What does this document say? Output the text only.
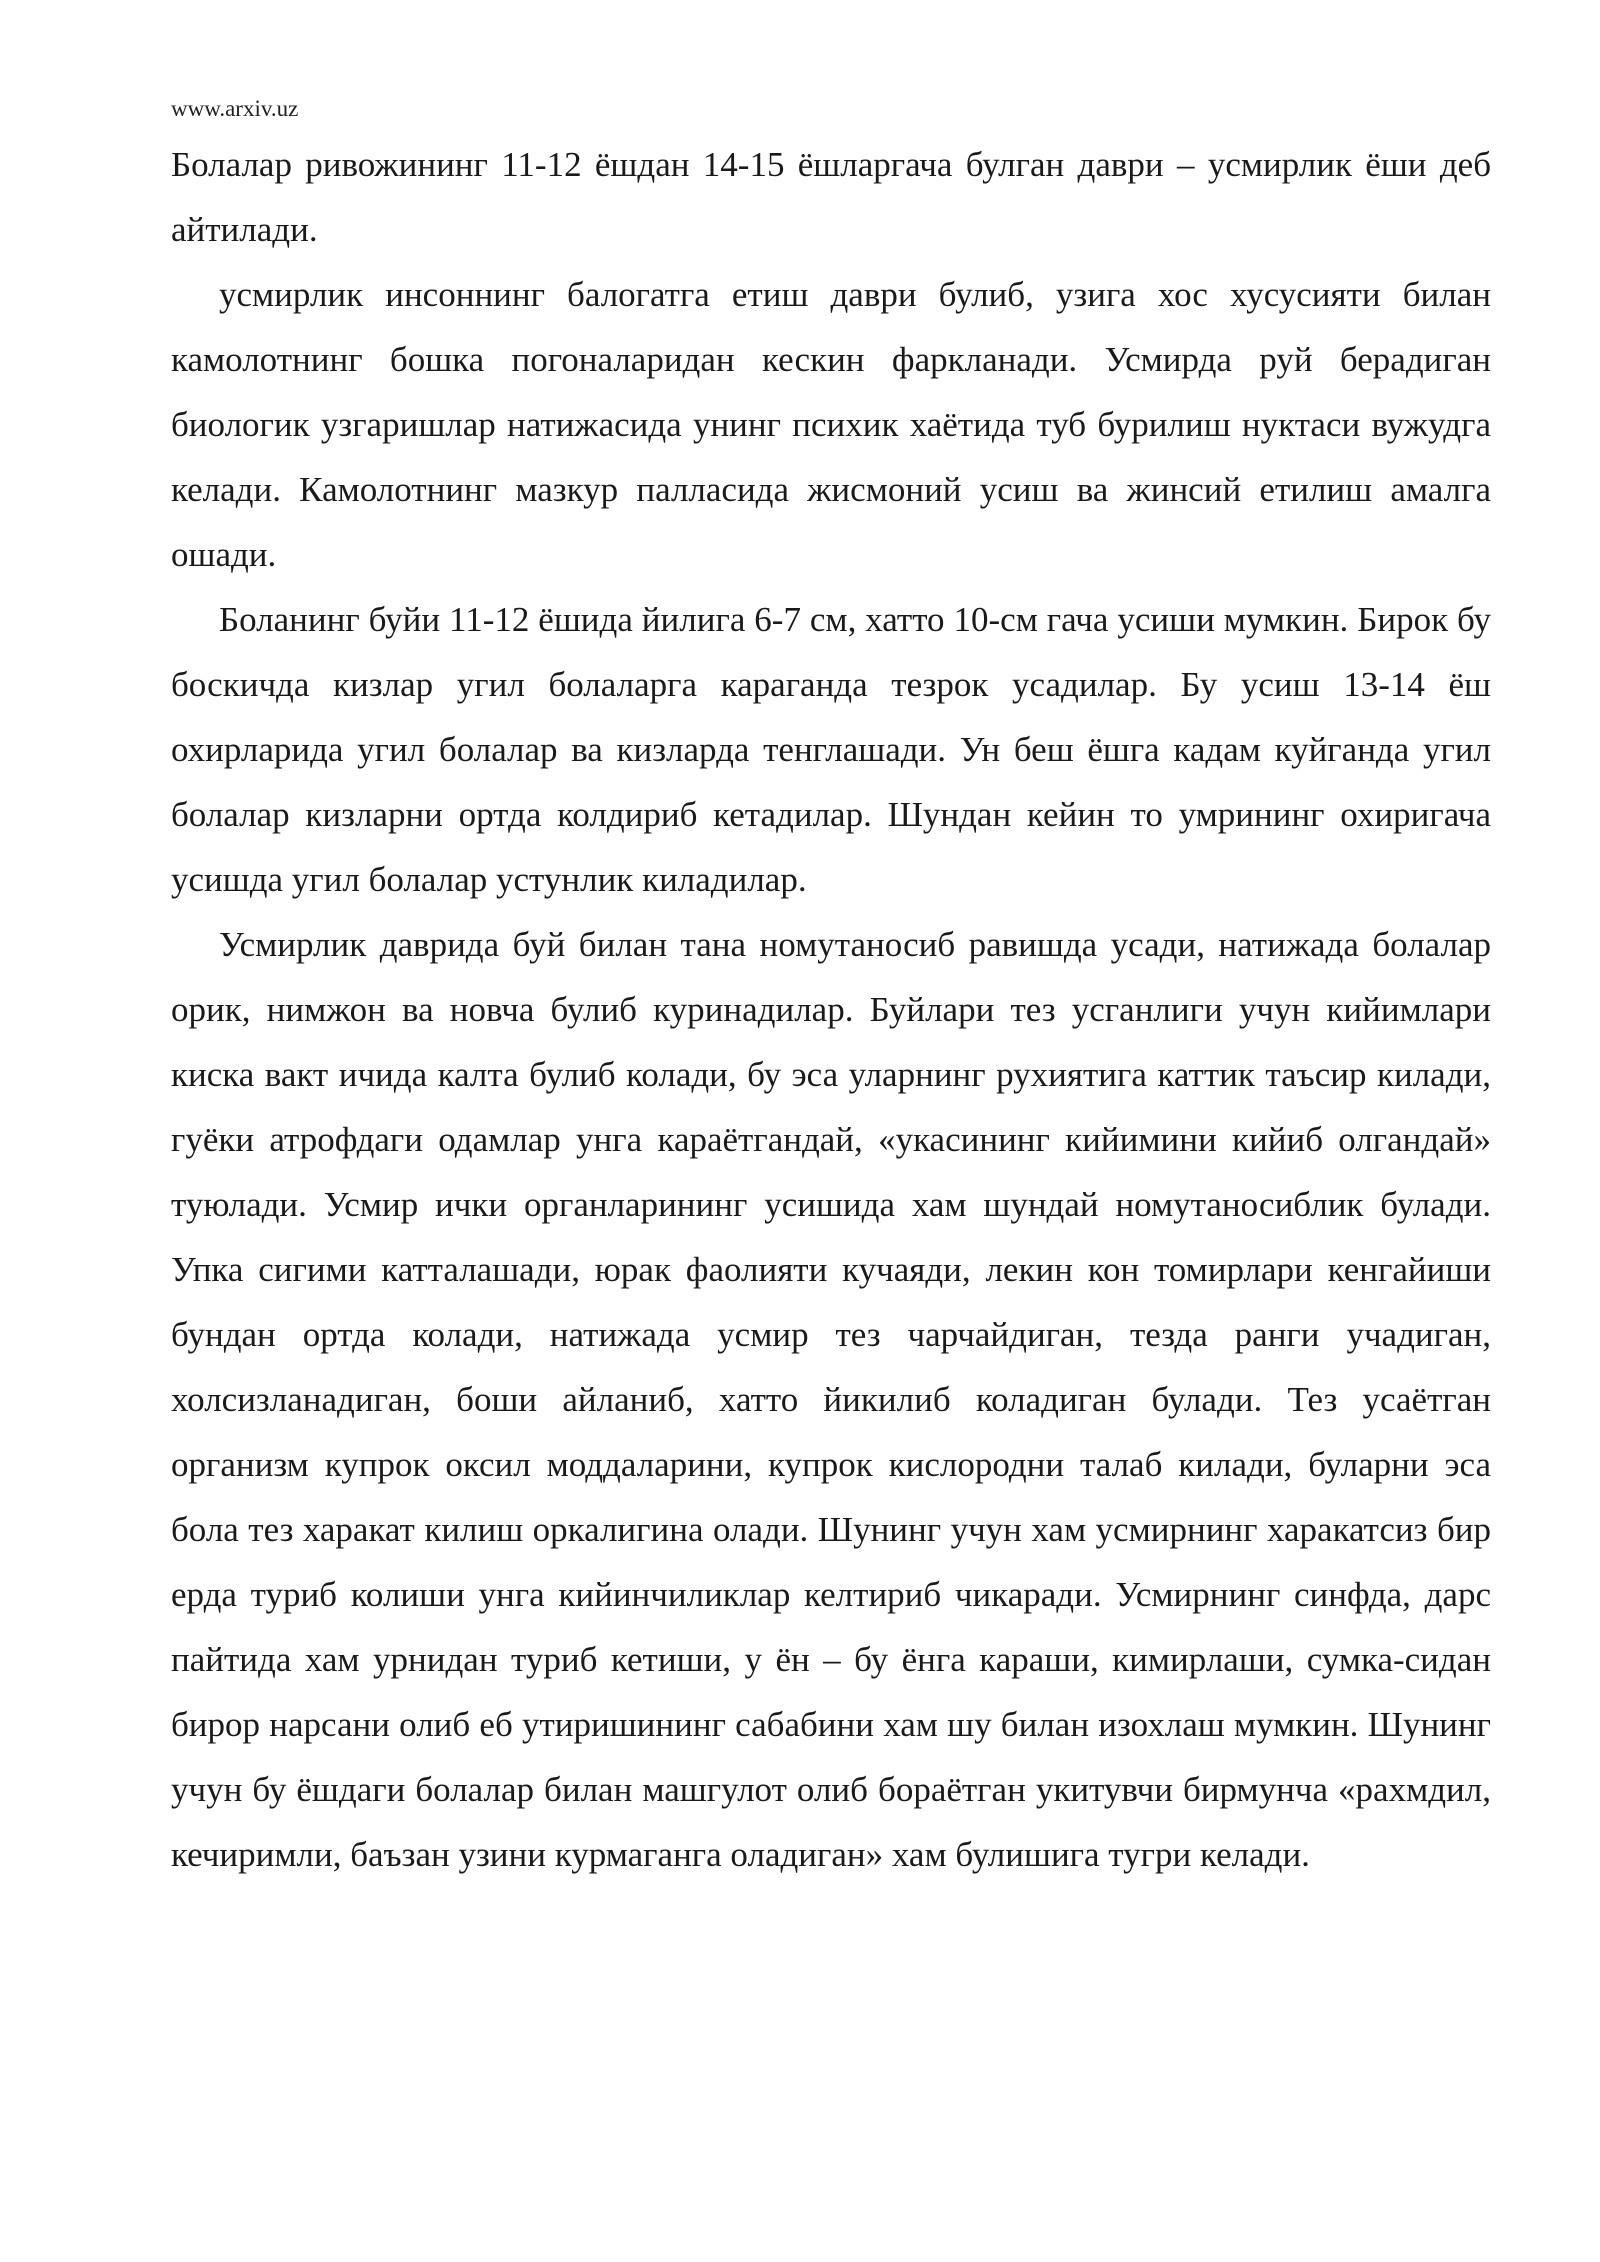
www.arxiv.uz

Болалар ривожининг 11-12 ёшдан 14-15 ёшларгача булган даври – усмирлик ёши деб айтилади.

усмирлик инсоннинг балогатга етиш даври булиб, узига хос хусусияти билан камолотнинг бошка погоналаридан кескин фаркланади. Усмирда руй берадиган биологик узгаришлар натижасида унинг психик хаётида туб бурилиш нуктаси вужудга келади. Камолотнинг мазкур палласида жисмоний усиш ва жинсий етилиш амалга ошади.

Боланинг буйи 11-12 ёшида йилига 6-7 см, хатто 10-см гача усиши мумкин. Бирок бу боскичда кизлар угил болаларга караганда тезрок усадилар. Бу усиш 13-14 ёш охирларида угил болалар ва кизларда тенглашади. Ун беш ёшга кадам куйганда угил болалар кизларни ортда колдириб кетадилар. Шундан кейин то умрининг охиригача усишда угил болалар устунлик киладилар.

Усмирлик даврида буй билан тана номутаносиб равишда усади, натижада болалар орик, нимжон ва новча булиб куринадилар. Буйлари тез усганлиги учун кийимлари киска вакт ичида калта булиб колади, бу эса уларнинг рухиятига каттик таъсир килади, гуёки атрофдаги одамлар унга караётгандай, «укасининг кийимини кийиб олгандай» туюлади. Усмир ички органларининг усишида хам шундай номутаносиблик булади. Упка сигими катталашади, юрак фаолияти кучаяди, лекин кон томирлари кенгайиши бундан ортда колади, натижада усмир тез чарчайдиган, тезда ранги учадиган, холсизланадиган, боши айланиб, хатто йикилиб коладиган булади. Тез усаётган организм купрок оксил моддаларини, купрок кислородни талаб килади, буларни эса бола тез харакат килиш оркалигина олади. Шунинг учун хам усмирнинг харакатсиз бир ерда туриб колиши унга кийинчиликлар келтириб чикаради. Усмирнинг синфда, дарс пайтида хам урнидан туриб кетиши, у ён – бу ёнга караши, кимирлаши, сумка-сидан бирор нарсани олиб еб утиришининг сабабини хам шу билан изохлаш мумкин. Шунинг учун бу ёшдаги болалар билан машгулот олиб бораётган укитувчи бирмунча «рахмдил, кечиримли, баъзан узини курмаганга оладиган» хам булишига тугри келади.
